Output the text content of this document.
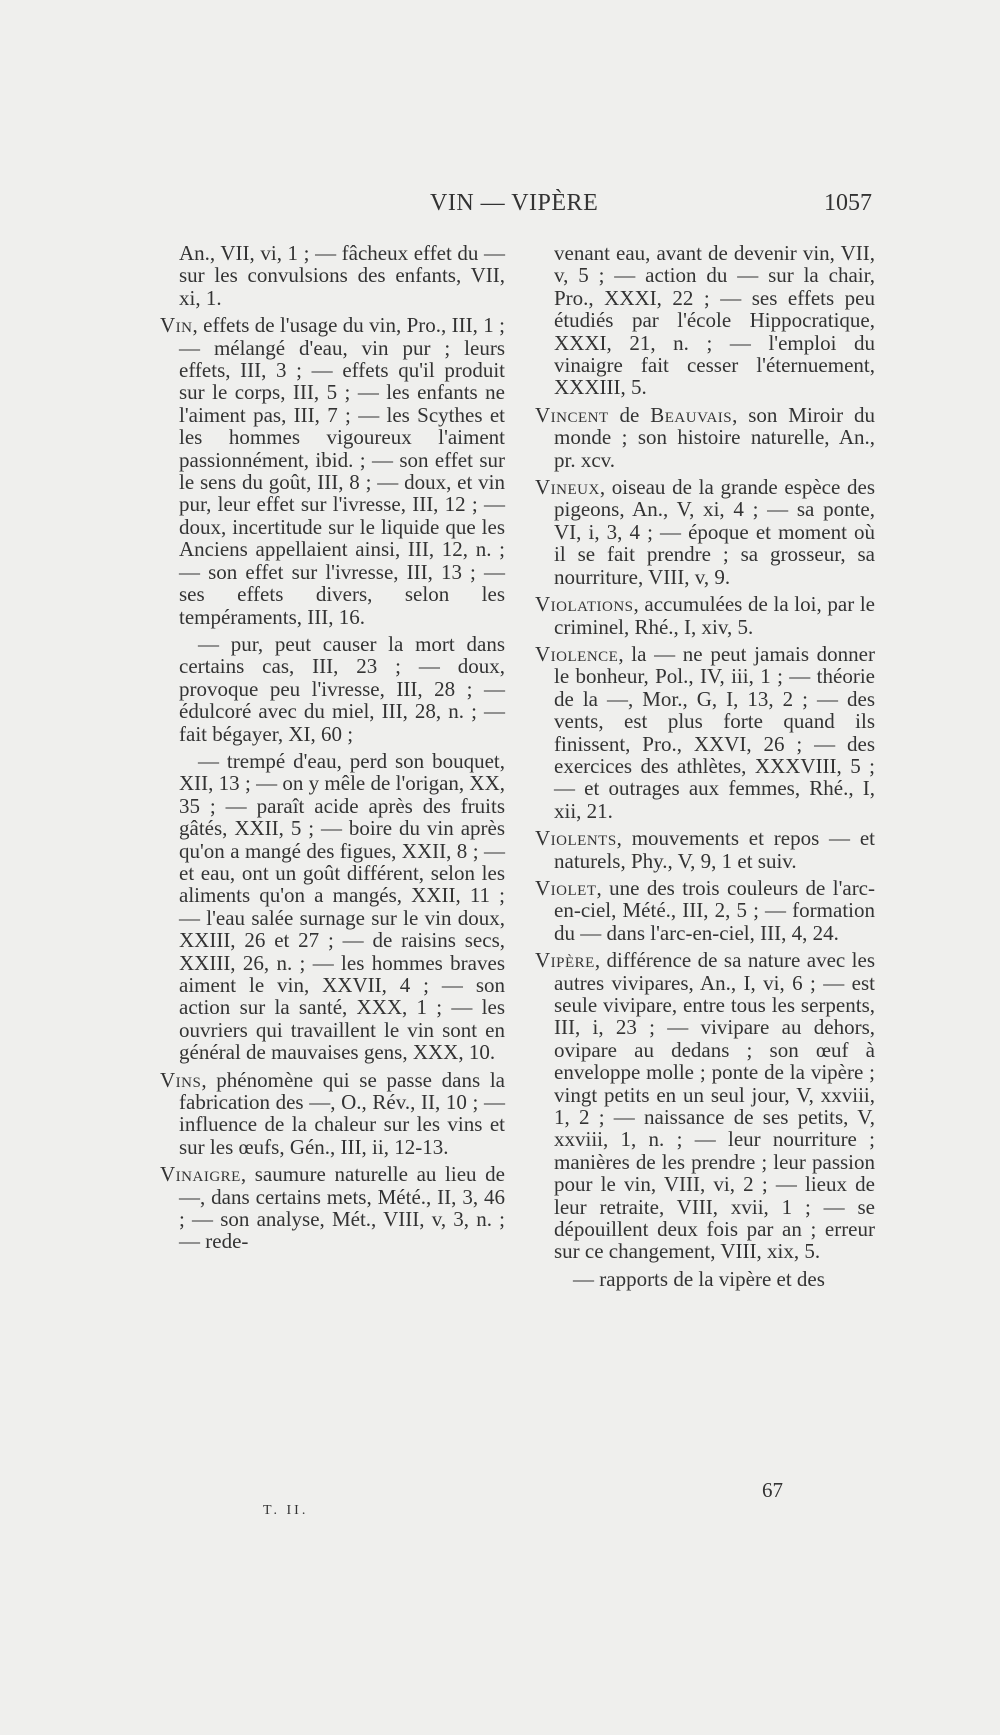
VIN — VIPÈRE	1057
An., VII, vi, 1 ; — fâcheux effet du — sur les convulsions des enfants, VII, xi, 1.
Vin, effets de l'usage du vin, Pro., III, 1 ; — mélangé d'eau, vin pur ; leurs effets, III, 3 ; — effets qu'il produit sur le corps, III, 5 ; — les enfants ne l'aiment pas, III, 7 ; — les Scythes et les hommes vigoureux l'aiment passionnément, ibid. ; — son effet sur le sens du goût, III, 8 ; — doux, et vin pur, leur effet sur l'ivresse, III, 12 ; — doux, incertitude sur le liquide que les Anciens appellaient ainsi, III, 12, n. ; — son effet sur l'ivresse, III, 13 ; — ses effets divers, selon les tempéraments, III, 16.
— pur, peut causer la mort dans certains cas, III, 23 ; — doux, provoque peu l'ivresse, III, 28 ; — édulcoré avec du miel, III, 28, n. ; — fait bégayer, XI, 60 ;
— trempé d'eau, perd son bouquet, XII, 13 ; — on y mêle de l'origan, XX, 35 ; — paraît acide après des fruits gâtés, XXII, 5 ; — boire du vin après qu'on a mangé des figues, XXII, 8 ; — et eau, ont un goût différent, selon les aliments qu'on a mangés, XXII, 11 ; — l'eau salée surnage sur le vin doux, XXIII, 26 et 27 ; — de raisins secs, XXIII, 26, n. ; — les hommes braves aiment le vin, XXVII, 4 ; — son action sur la santé, XXX, 1 ; — les ouvriers qui travaillent le vin sont en général de mauvaises gens, XXX, 10.
Vins, phénomène qui se passe dans la fabrication des —, O., Rév., II, 10 ; — influence de la chaleur sur les vins et sur les œufs, Gén., III, ii, 12-13.
Vinaigre, saumure naturelle au lieu de —, dans certains mets, Mété., II, 3, 46 ; — son analyse, Mét., VIII, v, 3, n. ; — rede-
venant eau, avant de devenir vin, VII, v, 5 ; — action du — sur la chair, Pro., XXXI, 22 ; — ses effets peu étudiés par l'école Hippocratique, XXXI, 21, n. ; — l'emploi du vinaigre fait cesser l'éternuement, XXXIII, 5.
Vincent de Beauvais, son Miroir du monde ; son histoire naturelle, An., pr. xcv.
Vineux, oiseau de la grande espèce des pigeons, An., V, xi, 4 ; — sa ponte, VI, i, 3, 4 ; — époque et moment où il se fait prendre ; sa grosseur, sa nourriture, VIII, v, 9.
Violations, accumulées de la loi, par le criminel, Rhé., I, xiv, 5.
Violence, la — ne peut jamais donner le bonheur, Pol., IV, iii, 1 ; — théorie de la —, Mor., G, I, 13, 2 ; — des vents, est plus forte quand ils finissent, Pro., XXVI, 26 ; — des exercices des athlètes, XXXVIII, 5 ; — et outrages aux femmes, Rhé., I, xii, 21.
Violents, mouvements et repos — et naturels, Phy., V, 9, 1 et suiv.
Violet, une des trois couleurs de l'arc-en-ciel, Mété., III, 2, 5 ; — formation du — dans l'arc-en-ciel, III, 4, 24.
Vipère, différence de sa nature avec les autres vivipares, An., I, vi, 6 ; — est seule vivipare, entre tous les serpents, III, i, 23 ; — vivipare au dehors, ovipare au dedans ; son œuf à enveloppe molle ; ponte de la vipère ; vingt petits en un seul jour, V, xxviii, 1, 2 ; — naissance de ses petits, V, xxviii, 1, n. ; — leur nourriture ; manières de les prendre ; leur passion pour le vin, VIII, vi, 2 ; — lieux de leur retraite, VIII, xvii, 1 ; — se dépouillent deux fois par an ; erreur sur ce changement, VIII, xix, 5.
— rapports de la vipère et des
T. II.
67
